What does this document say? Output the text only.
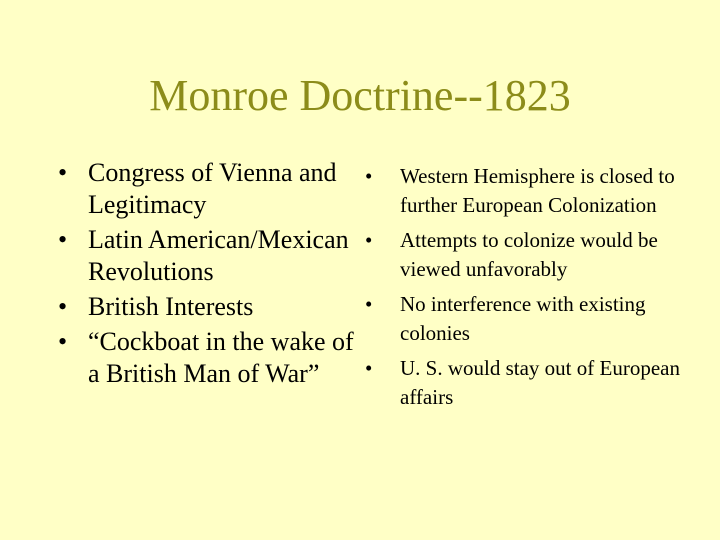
Monroe Doctrine--1823
• Congress of Vienna and Legitimacy
• Latin American/Mexican Revolutions
• British Interests
• “Cockboat in the wake of a British Man of War”
• Western Hemisphere is closed to further European Colonization
• Attempts to colonize would be viewed unfavorably
• No interference with existing colonies
• U. S. would stay out of European affairs
